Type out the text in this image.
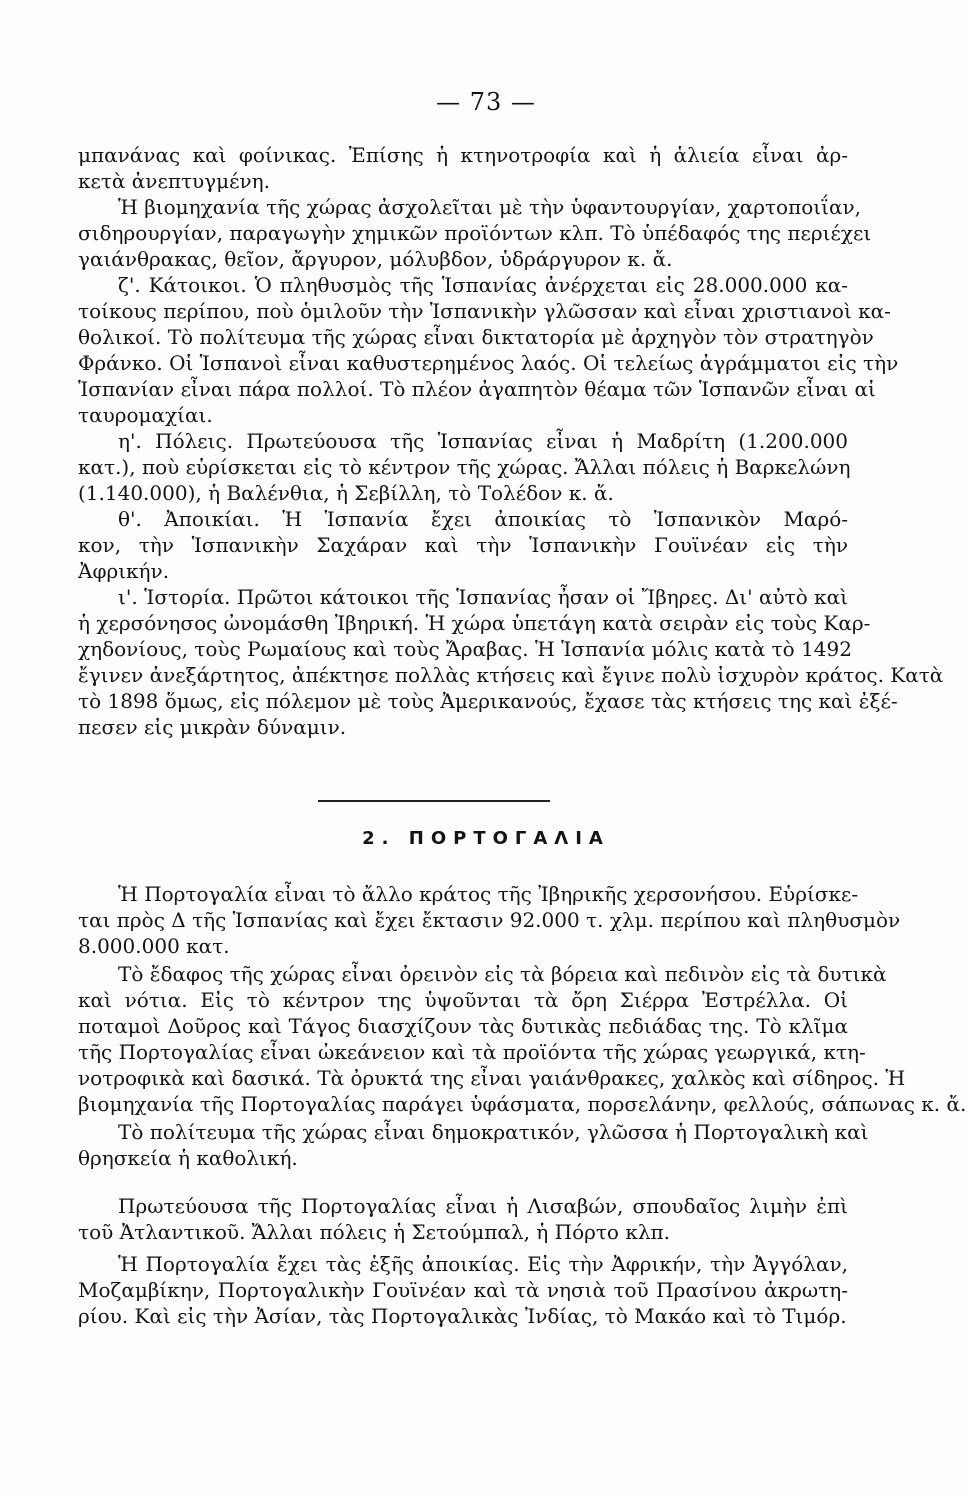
— 73 —
μπανάνας καὶ φοίνικας. Ἐπίσης ἡ κτηνοτροφία καὶ ἡ ἁλιεία εἶναι ἀρ-
κετὰ ἀνεπτυγμένη.
Ἡ βιομηχανία τῆς χώρας ἀσχολεῖται μὲ τὴν ὑφαντουργίαν, χαρτοποιΐαν,
σιδηρουργίαν, παραγωγὴν χημικῶν προϊόντων κλπ. Τὸ ὑπέδαφός της περιέχει
γαιάνθρακας, θεῖον, ἄργυρον, μόλυβδον, ὑδράργυρον κ. ἄ.
ζ'. Κάτοικοι. Ὁ πληθυσμὸς τῆς Ἱσπανίας ἀνέρχεται εἰς 28.000.000 κα-
τοίκους περίπου, ποὺ ὁμιλοῦν τὴν Ἱσπανικὴν γλῶσσαν καὶ εἶναι χριστιανοὶ κα-
θολικοί. Τὸ πολίτευμα τῆς χώρας εἶναι δικτατορία μὲ ἀρχηγὸν τὸν στρατηγὸν
Φράνκο. Οἱ Ἱσπανοὶ εἶναι καθυστερημένος λαός. Οἱ τελείως ἀγράμματοι εἰς τὴν
Ἱσπανίαν εἶναι πάρα πολλοί. Τὸ πλέον ἀγαπητὸν θέαμα τῶν Ἱσπανῶν εἶναι αἱ
ταυρομαχίαι.
η'. Πόλεις. Πρωτεύουσα τῆς Ἱσπανίας εἶναι ἡ Μαδρίτη (1.200.000
κατ.), ποὺ εὑρίσκεται εἰς τὸ κέντρον τῆς χώρας. Ἄλλαι πόλεις ἡ Βαρκελώνη
(1.140.000), ἡ Βαλένθια, ἡ Σεβίλλη, τὸ Τολέδον κ. ἄ.
θ'. Ἀποικίαι. Ἡ Ἱσπανία ἔχει ἀποικίας τὸ Ἱσπανικὸν Μαρό-
κον, τὴν Ἱσπανικὴν Σαχάραν καὶ τὴν Ἱσπανικὴν Γουϊνέαν εἰς τὴν
Ἀφρικήν.
ι'. Ἱστορία. Πρῶτοι κάτοικοι τῆς Ἱσπανίας ἦσαν οἱ Ἴβηρες. Δι' αὐτὸ καὶ
ἡ χερσόνησος ὠνομάσθη Ἰβηρική. Ἡ χώρα ὑπετάγη κατὰ σειρὰν εἰς τοὺς Καρ-
χηδονίους, τοὺς Ρωμαίους καὶ τοὺς Ἄραβας. Ἡ Ἱσπανία μόλις κατὰ τὸ 1492
ἔγινεν ἀνεξάρτητος, ἀπέκτησε πολλὰς κτήσεις καὶ ἔγινε πολὺ ἰσχυρὸν κράτος. Κατὰ
τὸ 1898 ὅμως, εἰς πόλεμον μὲ τοὺς Ἀμερικανούς, ἔχασε τὰς κτήσεις της καὶ ἐξέ-
πεσεν εἰς μικρὰν δύναμιν.
2. ΠΟΡΤΟΓΑΛΙΑ
Ἡ Πορτογαλία εἶναι τὸ ἄλλο κράτος τῆς Ἰβηρικῆς χερσονήσου. Εὑρίσκε-
ται πρὸς Δ τῆς Ἱσπανίας καὶ ἔχει ἔκτασιν 92.000 τ. χλμ. περίπου καὶ πληθυσμὸν
8.000.000 κατ.
Τὸ ἔδαφος τῆς χώρας εἶναι ὀρεινὸν εἰς τὰ βόρεια καὶ πεδινὸν εἰς τὰ δυτικὰ
καὶ νότια. Εἰς τὸ κέντρον της ὑψοῦνται τὰ ὄρη Σιέρρα Ἐστρέλλα. Οἱ
ποταμοὶ Δοῦρος καὶ Τάγος διασχίζουν τὰς δυτικὰς πεδιάδας της. Τὸ κλῖμα
τῆς Πορτογαλίας εἶναι ὠκεάνειον καὶ τὰ προϊόντα τῆς χώρας γεωργικά, κτη-
νοτροφικὰ καὶ δασικά. Τὰ ὀρυκτά της εἶναι γαιάνθρακες, χαλκὸς καὶ σίδηρος. Ἡ
βιομηχανία τῆς Πορτογαλίας παράγει ὑφάσματα, πορσελάνην, φελλούς, σάπωνας κ. ἄ.
Τὸ πολίτευμα τῆς χώρας εἶναι δημοκρατικόν, γλῶσσα ἡ Πορτογαλικὴ καὶ
θρησκεία ἡ καθολική.
Πρωτεύουσα τῆς Πορτογαλίας εἶναι ἡ Λισαβών, σπουδαῖος λιμὴν ἐπὶ
τοῦ Ἀτλαντικοῦ. Ἄλλαι πόλεις ἡ Σετούμπαλ, ἡ Πόρτο κλπ.
Ἡ Πορτογαλία ἔχει τὰς ἑξῆς ἀποικίας. Εἰς τὴν Ἀφρικήν, τὴν Ἀγγόλαν,
Μοζαμβίκην, Πορτογαλικὴν Γουϊνέαν καὶ τὰ νησιὰ τοῦ Πρασίνου ἀκρωτη-
ρίου. Καὶ εἰς τὴν Ἀσίαν, τὰς Πορτογαλικὰς Ἰνδίας, τὸ Μακάο καὶ τὸ Τιμόρ.
